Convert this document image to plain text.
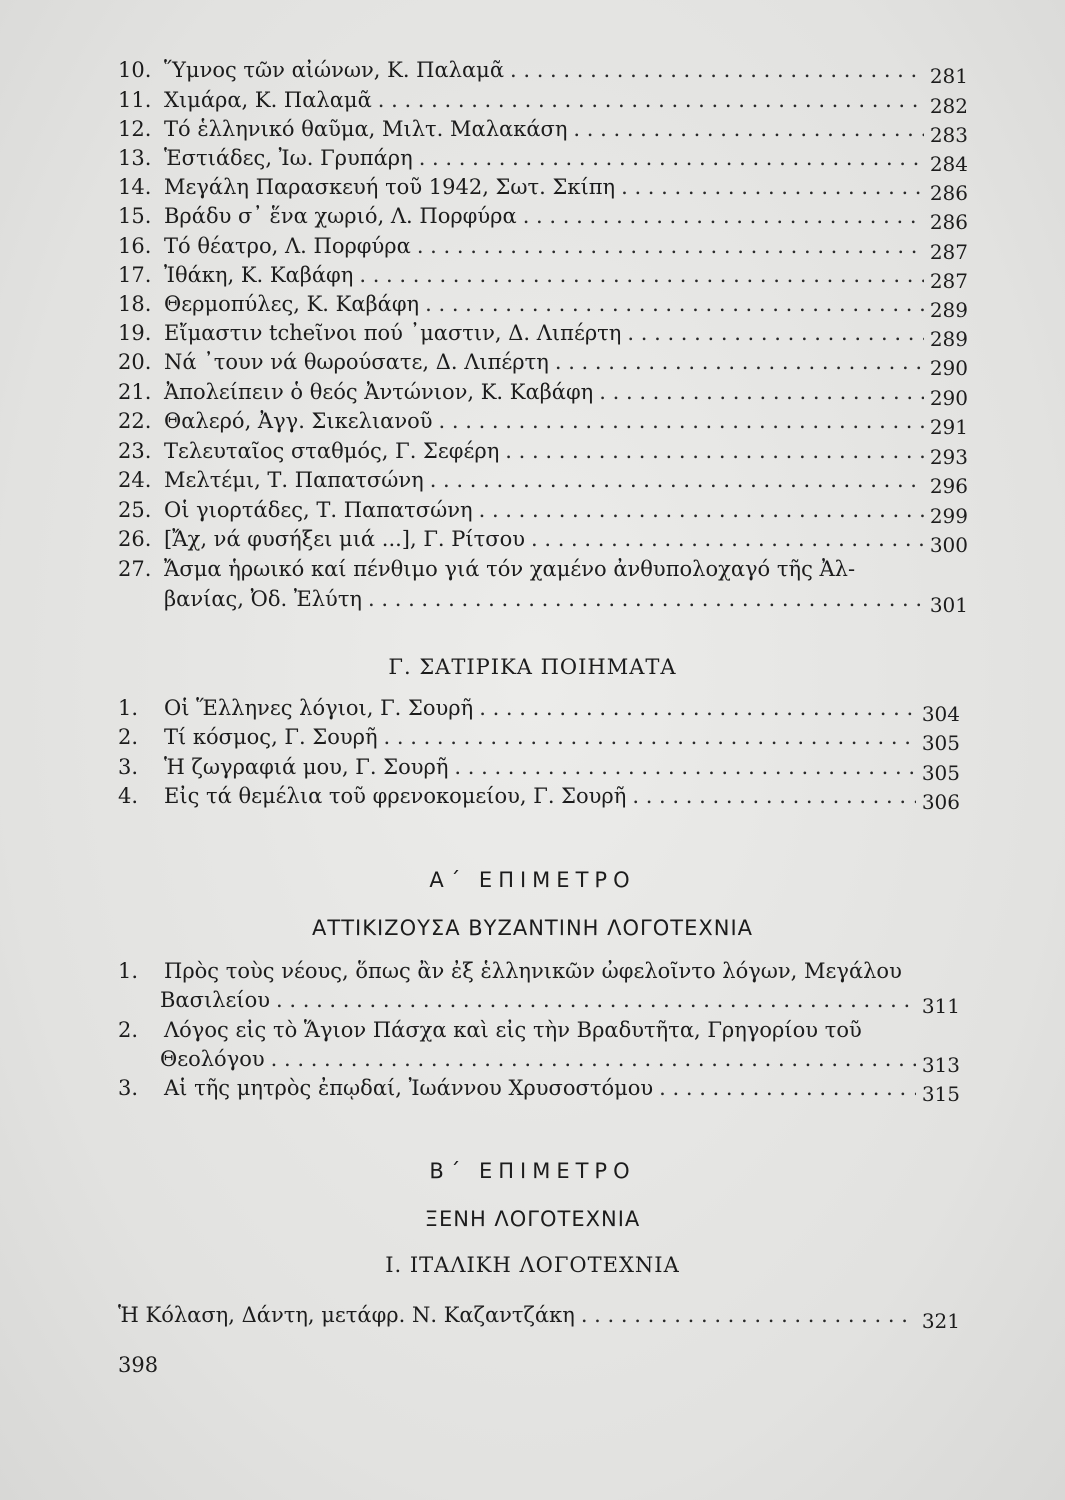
10. Ὕμνος τῶν αἰώνων, Κ. Παλαμᾶ . . .	281
11. Χιμάρα, Κ. Παλαμᾶ . . .	282
12. Τό ἑλληνικό θαῦμα, Μιλτ. Μαλακάση . . .	283
13. Ἑστιάδες, Ἰω. Γρυπάρη . . .	284
14. Μεγάλη Παρασκευή τοῦ 1942, Σωτ. Σκίπη . . .	286
15. Βράδυ σ᾽ ἕνα χωριό, Λ. Πορφύρα . . .	286
16. Τό θέατρο, Λ. Πορφύρα . . .	287
17. Ἰθάκη, Κ. Καβάφη . . .	287
18. Θερμοπύλες, Κ. Καβάφη . . .	289
19. Εἴμαστιν tcheῖνοι πού ᾽μαστιν, Δ. Λιπέρτη . . .	289
20. Νά ᾽τουν νά θωρούσατε, Δ. Λιπέρτη . . .	290
21. Ἀπολείπειν ὁ θεός Ἀντώνιον, Κ. Καβάφη . . .	290
22. Θαλερό, Ἀγγ. Σικελιανοῦ . . .	291
23. Τελευταῖος σταθμός, Γ. Σεφέρη . . .	293
24. Μελτέμι, Τ. Παπατσώνη . . .	296
25. Οἱ γιορτάδες, Τ. Παπατσώνη . . .	299
26. [Ἄχ, νά φυσήξει μιά ...], Γ. Ρίτσου . . .	300
27. Ἄσμα ἡρωικό καί πένθιμο γιά τόν χαμένο ἀνθυπολοχαγό τῆς Ἀλ-
βανίας, Ὀδ. Ἐλύτη . . .	301
Γ. ΣΑΤΙΡΙΚΑ ΠΟΙΗΜΑΤΑ
1.	Οἱ Ἕλληνες λόγιοι, Γ. Σουρῆ . . .	304
2.	Τί κόσμος, Γ. Σουρῆ . . .	305
3.	Ἡ ζωγραφιά μου, Γ. Σουρῆ . . .	305
4.	Εἰς τά θεμέλια τοῦ φρενοκομείου, Γ. Σουρῆ . . .	306
Α΄ ΕΠΙΜΕΤΡΟ
ΑΤΤΙΚΙΖΟΥΣΑ ΒΥΖΑΝΤΙΝΗ ΛΟΓΟΤΕΧΝΙΑ
1.	Πρὸς τοὺς νέους, ὅπως ἂν ἐξ ἑλληνικῶν ὠφελοῖντο λόγων, Μεγάλου
Βασιλείου . . .	311
2.	Λόγος εἰς τὸ Ἅγιον Πάσχα καὶ εἰς τὴν Βραδυτῆτα, Γρηγορίου τοῦ
Θεολόγου . . .	313
3.	Αἱ τῆς μητρὸς ἐπῳδαί, Ἰωάννου Χρυσοστόμου . . .	315
Β΄ ΕΠΙΜΕΤΡΟ
ΞΕΝΗ ΛΟΓΟΤΕΧΝΙΑ
Ι. ΙΤΑΛΙΚΗ ΛΟΓΟΤΕΧΝΙΑ
Ἡ Κόλαση, Δάντη, μετάφρ. Ν. Καζαντζάκη . . .	321
398
